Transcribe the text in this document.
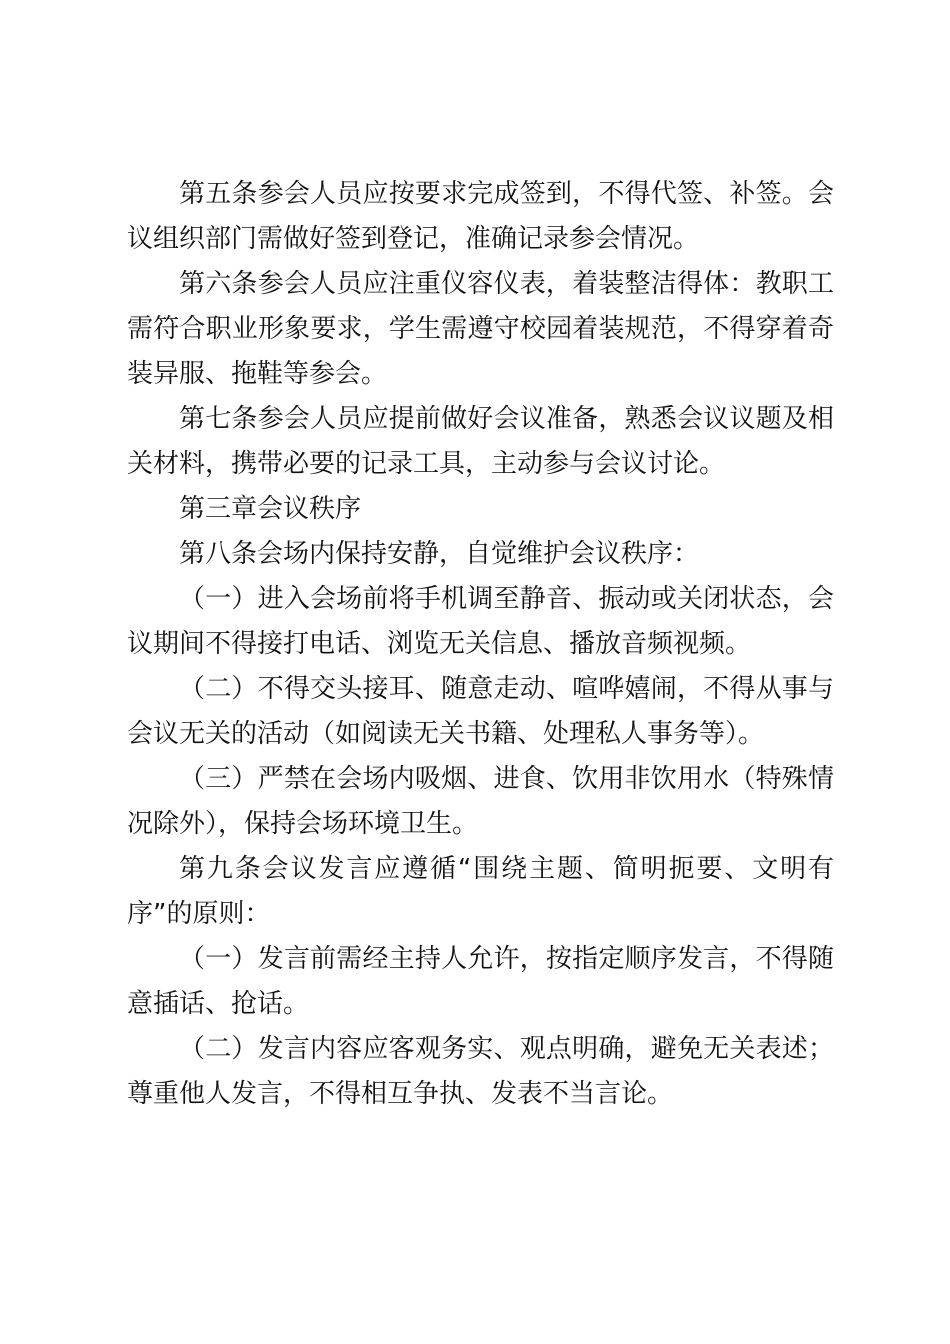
第五条参会人员应按要求完成签到，不得代签、补签。会议组织部门需做好签到登记，准确记录参会情况。

第六条参会人员应注重仪容仪表，着装整洁得体：教职工需符合职业形象要求，学生需遵守校园着装规范，不得穿着奇装异服、拖鞋等参会。

第七条参会人员应提前做好会议准备，熟悉会议议题及相关材料，携带必要的记录工具，主动参与会议讨论。

第三章会议秩序

第八条会场内保持安静，自觉维护会议秩序：

（一）进入会场前将手机调至静音、振动或关闭状态，会议期间不得接打电话、浏览无关信息、播放音频视频。

（二）不得交头接耳、随意走动、喧哗嬉闹，不得从事与会议无关的活动（如阅读无关书籍、处理私人事务等）。

（三）严禁在会场内吸烟、进食、饮用非饮用水（特殊情况除外），保持会场环境卫生。

第九条会议发言应遵循“围绕主题、简明扼要、文明有序”的原则：

（一）发言前需经主持人允许，按指定顺序发言，不得随意插话、抢话。

（二）发言内容应客观务实、观点明确，避免无关表述；尊重他人发言，不得相互争执、发表不当言论。
